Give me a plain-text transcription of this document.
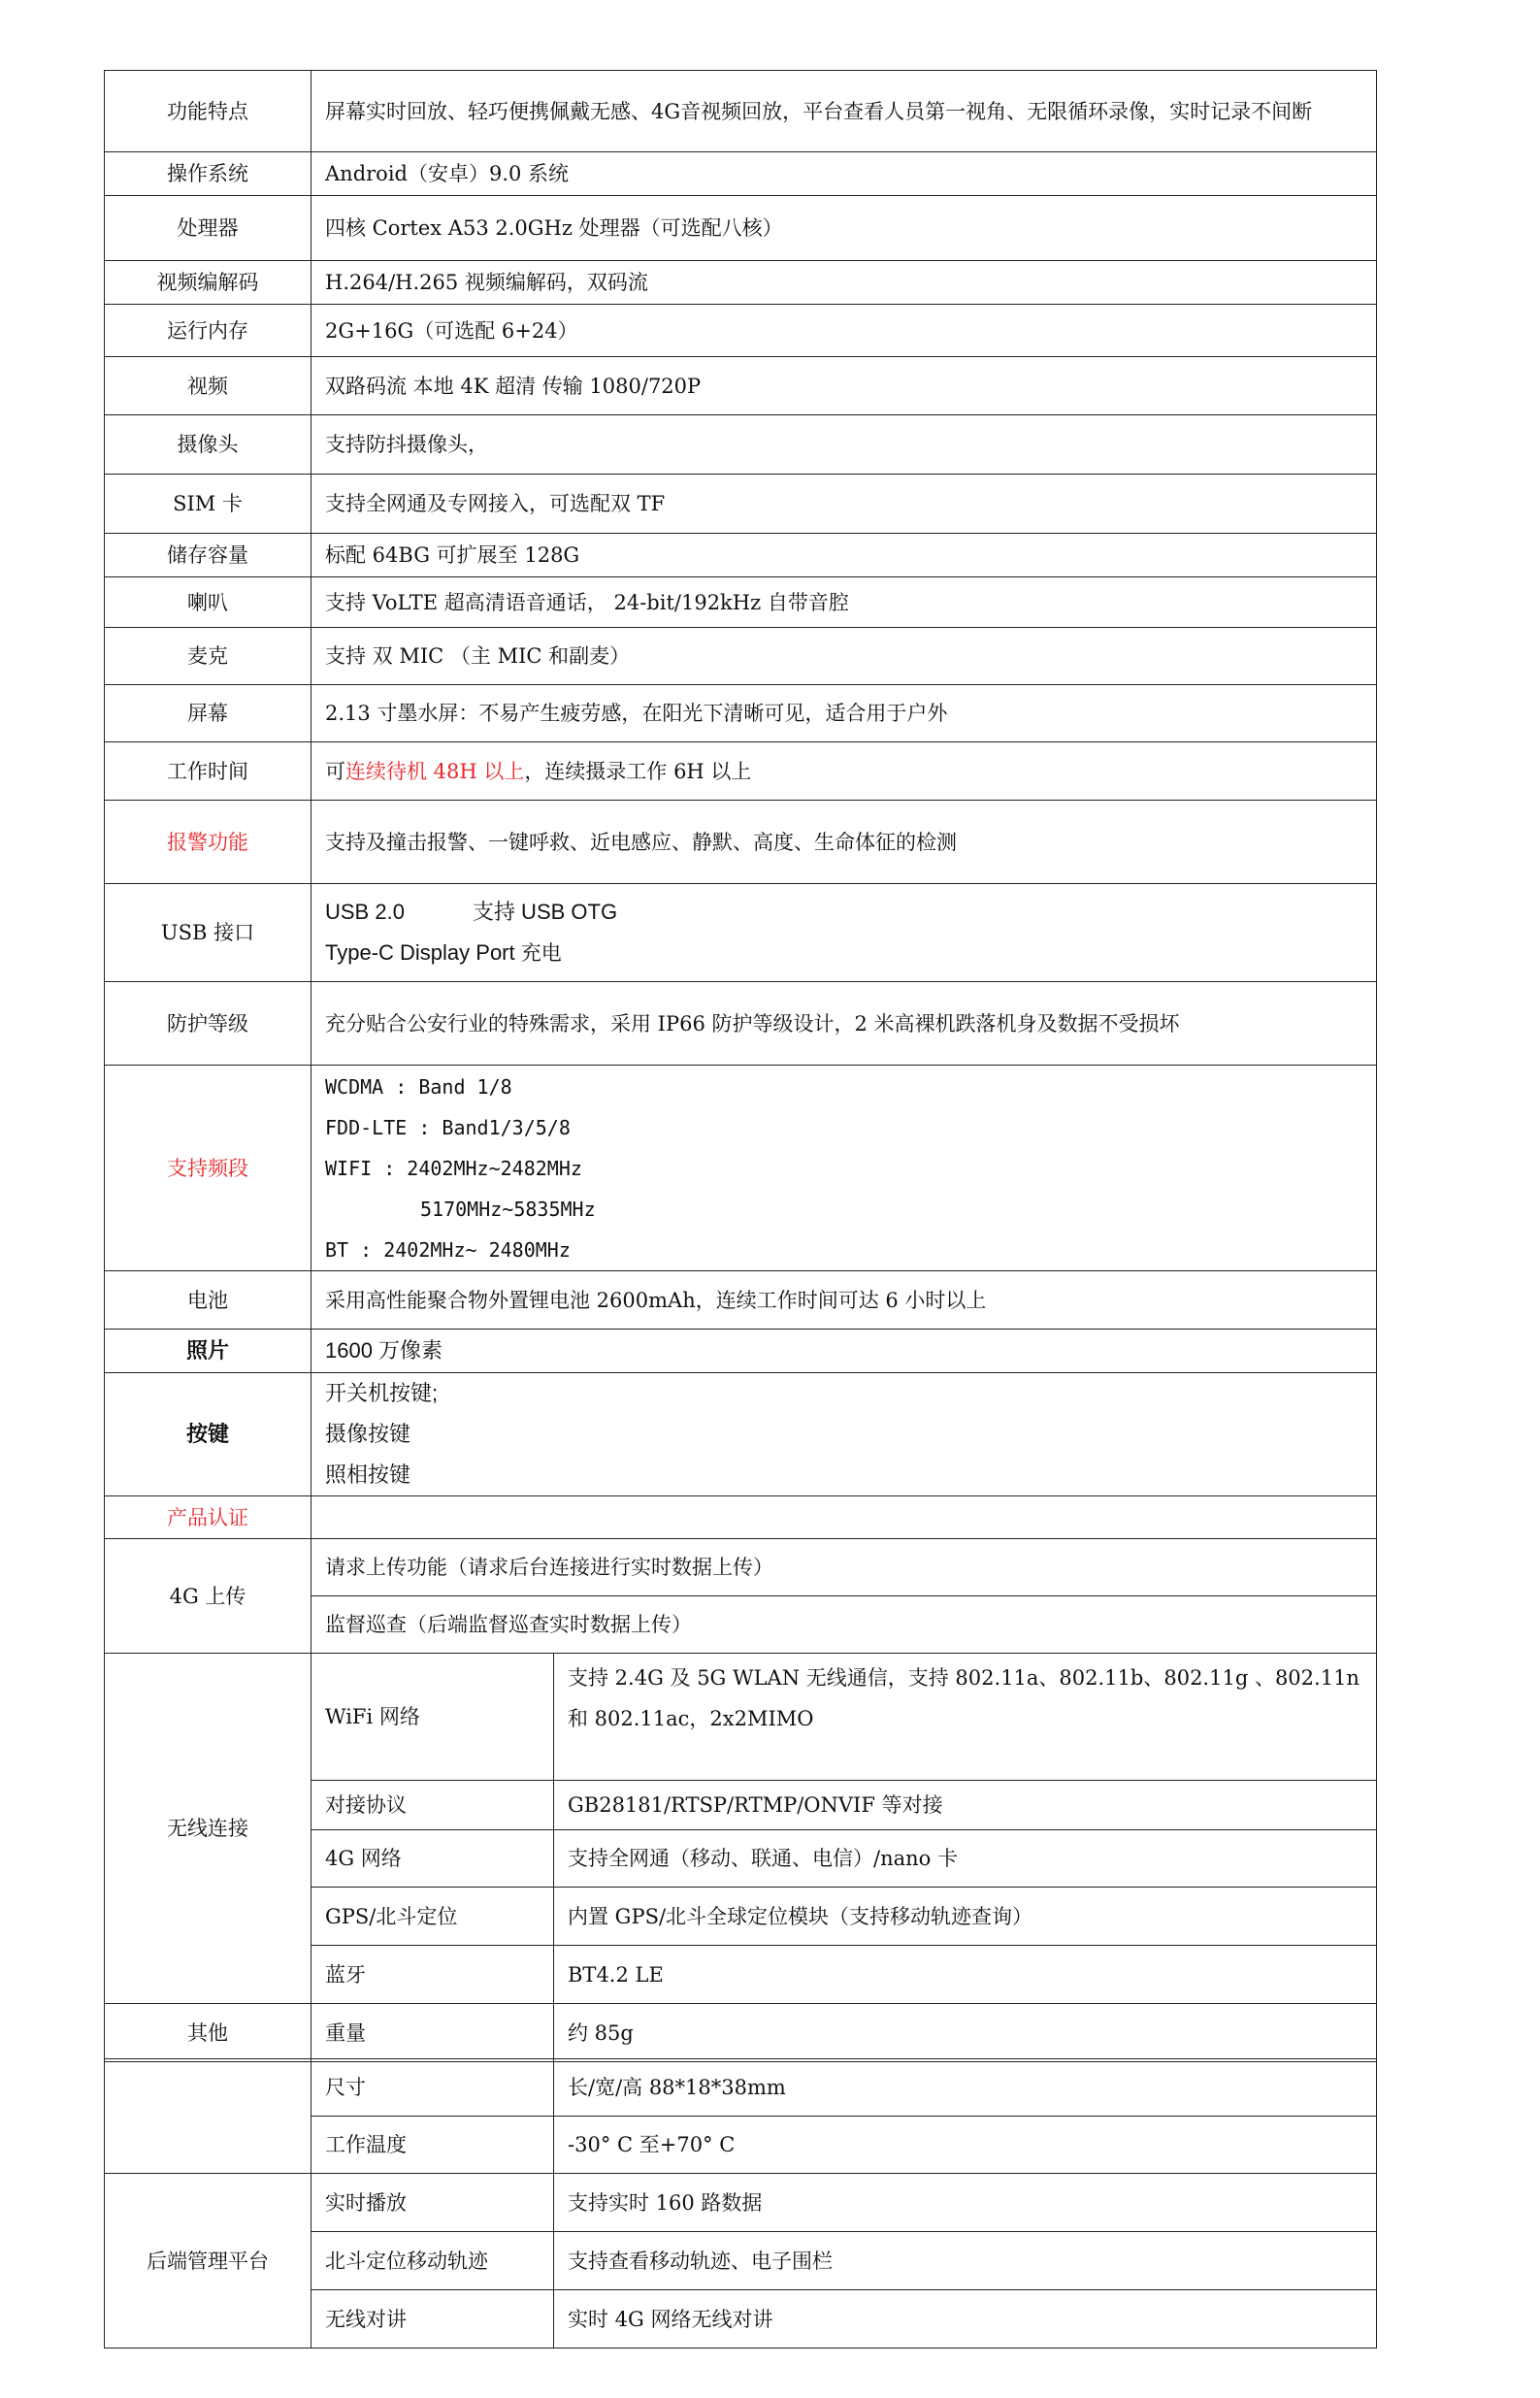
功能特点	屏幕实时回放、轻巧便携佩戴无感、4G音视频回放，平台查看人员第一视角、无限循环录像，实时记录不间断	
操作系统	Android（安卓）9.0 系统	
处理器	四核 Cortex A53 2.0GHz 处理器（可选配八核）	
视频编解码	H.264/H.265 视频编解码，双码流	
运行内存	2G+16G（可选配 6+24）	
视频	双路码流 本地 4K 超清 传输 1080/720P	
摄像头	支持防抖摄像头，	
SIM 卡	支持全网通及专网接入，可选配双 TF	
储存容量	标配 64BG 可扩展至 128G	
喇叭	支持 VoLTE 超高清语音通话， 24-bit/192kHz 自带音腔	
麦克	支持 双 MIC （主 MIC 和副麦）	
屏幕	2.13 寸墨水屏：不易产生疲劳感，在阳光下清晰可见，适合用于户外	
工作时间	可连续待机 48H 以上，连续摄录工作 6H 以上	
报警功能	支持及撞击报警、一键呼救、近电感应、静默、高度、生命体征的检测	
USB 接口	USB 2.0 支持 USB OTG
Type-C Display Port 充电	

防护等级	充分贴合公安行业的特殊需求，采用 IP66 防护等级设计，2 米高裸机跌落机身及数据不受损坏	
支持频段	WCDMA : Band 1/8
FDD-LTE : Band1/3/5/8
WIFI : 2402MHz~2482MHz
5170MHz~5835MHz
BT : 2402MHz~ 2480MHz	

电池	采用高性能聚合物外置锂电池 2600mAh，连续工作时间可达 6 小时以上	
照片	1600 万像素	
按键	开关机按键;
摄像按键
照相按键	

产品认证		
4G 上传	请求上传功能（请求后台连接进行实时数据上传）	
	监督巡查（后端监督巡查实时数据上传）	
无线连接	WiFi 网络	支持 2.4G 及 5G WLAN 无线通信，支持 802.11a、802.11b、802.11g 、802.11n 和 802.11ac，2x2MIMO
	对接协议	GB28181/RTSP/RTMP/ONVIF 等对接
	4G 网络	支持全网通（移动、联通、电信）/nano 卡
	GPS/北斗定位	内置 GPS/北斗全球定位模块（支持移动轨迹查询）
	蓝牙	BT4.2 LE
其他	重量	约 85g
	尺寸	长/宽/高 88*18*38mm
	工作温度	-30° C 至+70° C
后端管理平台	实时播放	支持实时 160 路数据
	北斗定位移动轨迹	支持查看移动轨迹、电子围栏
	无线对讲	实时 4G 网络无线对讲
